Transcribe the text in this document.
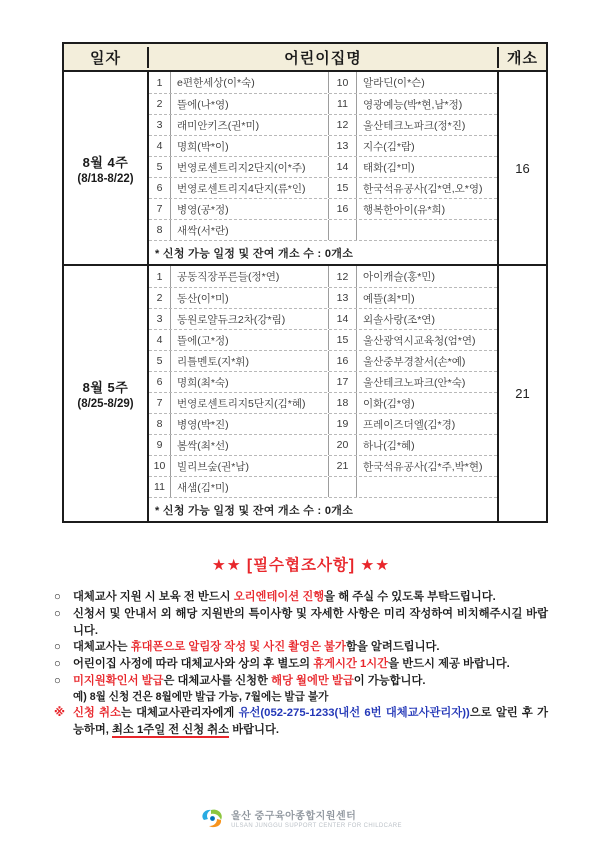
일자	어린이집명	개소
8월 4주
(8/18-8/22)
1	e편한세상(이*숙)	10	알라딘(이*슨)
2	뜰에(나*영)	11	영광예능(박*현,남*정)
3	래미안키즈(권*미)	12	울산테크노파크(정*진)
4	명희(박*이)	13	지수(김*람)
5	번영로센트리지2단지(이*주)	14	태화(김*미)
6	번영로센트리지4단지(류*인)	15	한국석유공사(김*연,오*영)
7	병영(공*정)	16	행복한아이(유*희)
8	새싹(서*란)
* 신청 가능 일정 및 잔여 개소 수 : 0개소
16
8월 5주
(8/25-8/29)
1	공동직장푸른들(정*연)	12	아이캐슬(홍*민)
2	동산(이*미)	13	예뜰(최*미)
3	동원로얄듀크2차(강*림)	14	외솔사랑(조*연)
4	뜰에(고*정)	15	울산광역시교육청(엄*연)
5	리틀멘토(지*휘)	16	울산중부경찰서(손*예)
6	명희(최*숙)	17	울산테크노파크(안*숙)
7	번영로센트리지5단지(김*혜)	18	이화(김*영)
8	병영(박*진)	19	프레이즈더엘(김*경)
9	봄싹(최*선)	20	하나(김*혜)
10	빌리브숲(권*남)	21	한국석유공사(김*주,박*현)
11	새샘(김*미)
* 신청 가능 일정 및 잔여 개소 수 : 0개소
21
★★ [필수협조사항] ★★
○	대체교사 지원 시 보육 전 반드시 오리엔테이션 진행을 해 주실 수 있도록 부탁드립니다.
○	신청서 및 안내서 외 해당 지원반의 특이사항 및 자세한 사항은 미리 작성하여 비치해주시길 바랍니다.
○	대체교사는 휴대폰으로 알림장 작성 및 사진 촬영은 불가함을 알려드립니다.
○	어린이집 사정에 따라 대체교사와 상의 후 별도의 휴게시간 1시간을 반드시 제공 바랍니다.
○	미지원확인서 발급은 대체교사를 신청한 해당 월에만 발급이 가능합니다.
예) 8월 신청 건은 8월에만 발급 가능, 7월에는 발급 불가
※ 신청 취소는 대체교사관리자에게 유선(052-275-1233(내선 6번 대체교사관리자))으로 알린 후 가능하며, 최소 1주일 전 신청 취소 바랍니다.
울산 중구육아종합지원센터
ULSAN JUNGGU SUPPORT CENTER FOR CHILDCARE
